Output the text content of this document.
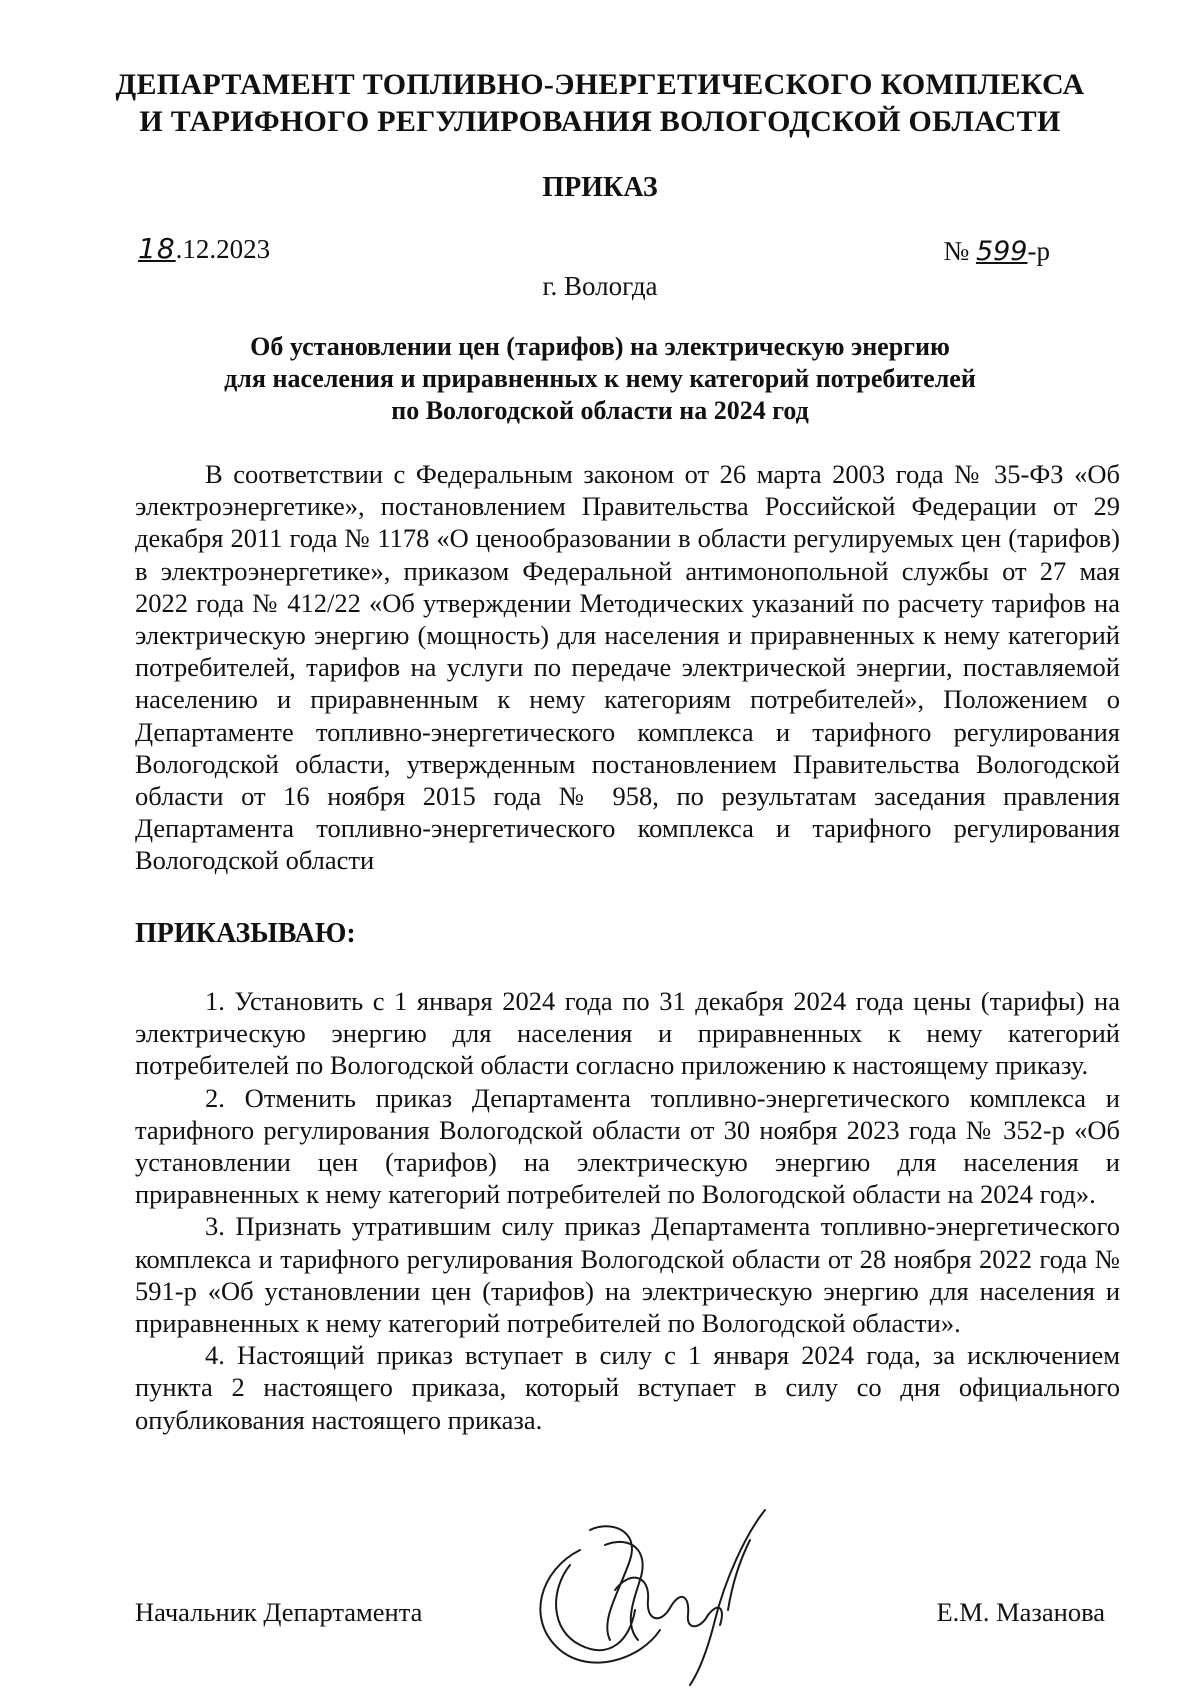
ДЕПАРТАМЕНТ ТОПЛИВНО-ЭНЕРГЕТИЧЕСКОГО КОМПЛЕКСА
И ТАРИФНОГО РЕГУЛИРОВАНИЯ ВОЛОГОДСКОЙ ОБЛАСТИ
ПРИКАЗ
18.12.2023	№ 599-р
г. Вологда
Об установлении цен (тарифов) на электрическую энергию
для населения и приравненных к нему категорий потребителей
по Вологодской области на 2024 год

В соответствии с Федеральным законом от 26 марта 2003 года № 35-ФЗ «Об электроэнергетике», постановлением Правительства Российской Федерации от 29 декабря 2011 года № 1178 «О ценообразовании в области регулируемых цен (тарифов) в электроэнергетике», приказом Федеральной антимонопольной службы от 27 мая 2022 года № 412/22 «Об утверждении Методических указаний по расчету тарифов на электрическую энергию (мощность) для населения и приравненных к нему категорий потребителей, тарифов на услуги по передаче электрической энергии, поставляемой населению и приравненным к нему категориям потребителей», Положением о Департаменте топливно-энергетического комплекса и тарифного регулирования Вологодской области, утвержденным постановлением Правительства Вологодской области от 16 ноября 2015 года № 958, по результатам заседания правления Департамента топливно-энергетического комплекса и тарифного регулирования Вологодской области

ПРИКАЗЫВАЮ:

1. Установить с 1 января 2024 года по 31 декабря 2024 года цены (тарифы) на электрическую энергию для населения и приравненных к нему категорий потребителей по Вологодской области согласно приложению к настоящему приказу.

2. Отменить приказ Департамента топливно-энергетического комплекса и тарифного регулирования Вологодской области от 30 ноября 2023 года № 352-р «Об установлении цен (тарифов) на электрическую энергию для населения и приравненных к нему категорий потребителей по Вологодской области на 2024 год».

3. Признать утратившим силу приказ Департамента топливно-энергетического комплекса и тарифного регулирования Вологодской области от 28 ноября 2022 года № 591-р «Об установлении цен (тарифов) на электрическую энергию для населения и приравненных к нему категорий потребителей по Вологодской области».

4. Настоящий приказ вступает в силу с 1 января 2024 года, за исключением пункта 2 настоящего приказа, который вступает в силу со дня официального опубликования настоящего приказа.

Начальник Департамента	Е.М. Мазанова
